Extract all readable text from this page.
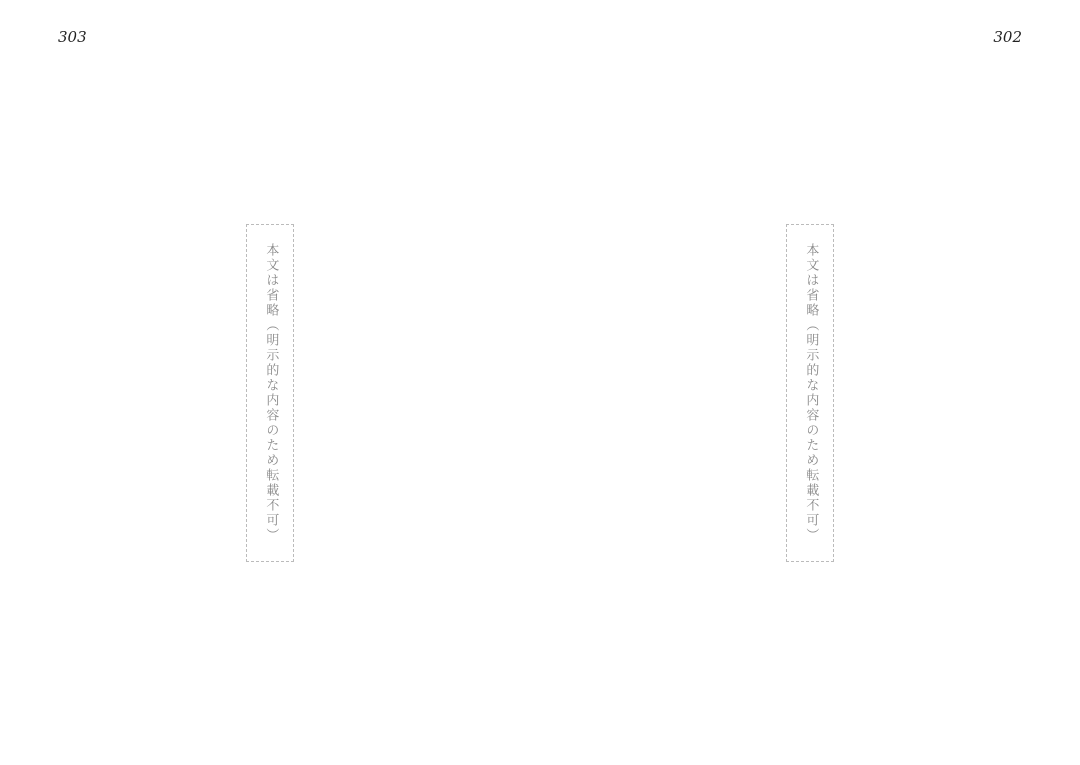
303
本文は省略（明示的な内容のため転載不可）
302
本文は省略（明示的な内容のため転載不可）
